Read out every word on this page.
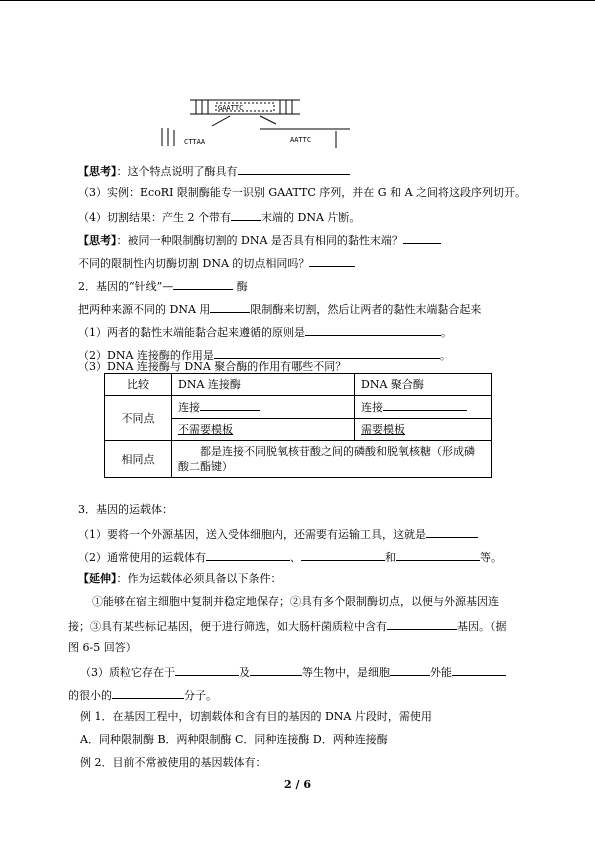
GAATTC
CTTAA	AATTC
【思考】：这个特点说明了酶具有
（3）实例：EcoRI 限制酶能专一识别 GAATTC 序列，并在 G 和 A 之间将这段序列切开。
（4）切割结果：产生 2 个带有	末端的 DNA 片断。
【思考】：被同一种限制酶切割的 DNA 是否具有相同的黏性末端？
不同的限制性内切酶切割 DNA 的切点相同吗？
2．基因的“针线”—	酶
把两种来源不同的 DNA 用	限制酶来切割，然后让两者的黏性末端黏合起来
（1）两者的黏性末端能黏合起来遵循的原则是	。
（2）DNA 连接酶的作用是	。
（3）DNA 连接酶与 DNA 聚合酶的作用有哪些不同？
比较	DNA 连接酶	DNA 聚合酶
不同点	连接	连接
	不需要模板	需要模板
相同点	都是连接不同脱氧核苷酸之间的磷酸和脱氧核糖（形成磷酸二酯键）	
3．基因的运载体：
（1）要将一个外源基因，送入受体细胞内，还需要有运输工具，这就是
（2）通常使用的运载体有	、	和	等。
【延伸】：作为运载体必须具备以下条件：
①能够在宿主细胞中复制并稳定地保存；②具有多个限制酶切点，以便与外源基因连
接；③具有某些标记基因，便于进行筛选，如大肠杆菌质粒中含有	基因。（据
图 6-5 回答）
（3）质粒它存在于	及	等生物中，是细胞	外能
的很小的	分子。
例 1．在基因工程中，切割载体和含有目的基因的 DNA 片段时，需使用
A．同种限制酶 B．两种限制酶 C．同种连接酶 D．两种连接酶
例 2．目前不常被使用的基因载体有：
2 / 6
